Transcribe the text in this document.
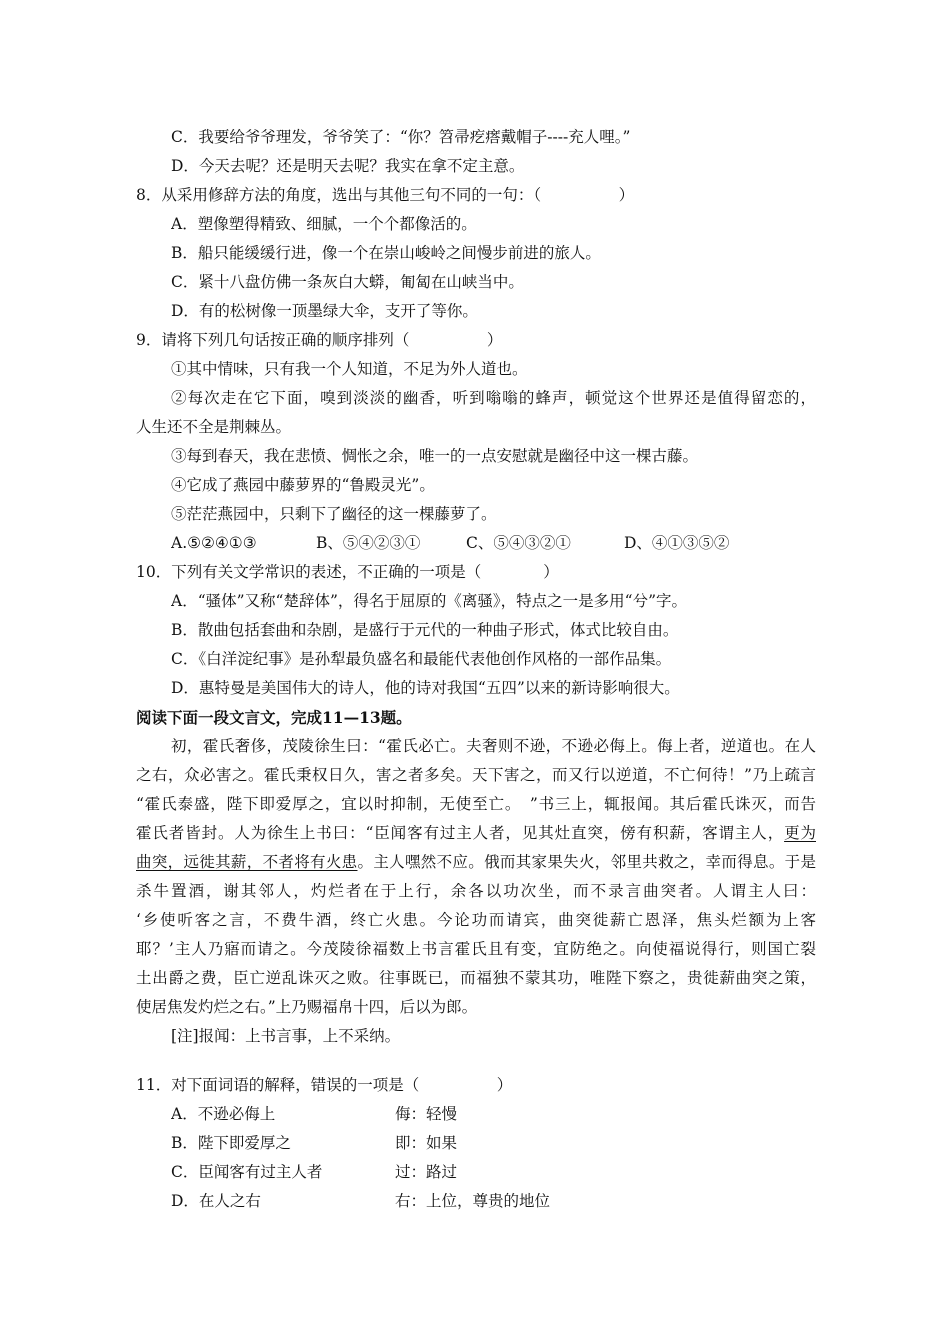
C．我要给爷爷理发，爷爷笑了：“你？笤帚疙瘩戴帽子----充人哩。”
D．今天去呢？还是明天去呢？我实在拿不定主意。
8．从采用修辞方法的角度，选出与其他三句不同的一句：（　　　　　）
A．塑像塑得精致、细腻，一个个都像活的。
B．船只能缓缓行进，像一个在崇山峻岭之间慢步前进的旅人。
C．紧十八盘仿佛一条灰白大蟒，匍匐在山峡当中。
D．有的松树像一顶墨绿大伞，支开了等你。
9．请将下列几句话按正确的顺序排列（　　　　　）
①其中情味，只有我一个人知道，不足为外人道也。
②每次走在它下面，嗅到淡淡的幽香，听到嗡嗡的蜂声，顿觉这个世界还是值得留恋的，
人生还不全是荆棘丛。
③每到春天，我在悲愤、惆怅之余，唯一的一点安慰就是幽径中这一棵古藤。
④它成了燕园中藤萝界的“鲁殿灵光”。
⑤茫茫燕园中，只剩下了幽径的这一棵藤萝了。
A.⑤②④①③	B、⑤④②③①	C、⑤④③②①	D、④①③⑤②
10．下列有关文学常识的表述，不正确的一项是（　　　　）
A．“骚体”又称“楚辞体”，得名于屈原的《离骚》，特点之一是多用“兮”字。
B．散曲包括套曲和杂剧，是盛行于元代的一种曲子形式，体式比较自由。
C．《白洋淀纪事》是孙犁最负盛名和最能代表他创作风格的一部作品集。
D．惠特曼是美国伟大的诗人，他的诗对我国“五四”以来的新诗影响很大。
阅读下面一段文言文，完成11—13题。
初，霍氏奢侈，茂陵徐生曰：“霍氏必亡。夫奢则不逊，不逊必侮上。侮上者，逆道也。在人
之右，众必害之。霍氏秉权日久，害之者多矣。天下害之，而又行以逆道，不亡何待！”乃上疏言
“霍氏泰盛，陛下即爱厚之，宜以时抑制，无使至亡。　”书三上，辄报闻。其后霍氏诛灭，而告
霍氏者皆封。人为徐生上书曰：“臣闻客有过主人者，见其灶直突，傍有积薪，客谓主人，更为
曲突，远徙其薪，不者将有火患。主人嘿然不应。俄而其家果失火，邻里共救之，幸而得息。于是
杀牛置酒，谢其邻人，灼烂者在于上行，余各以功次坐，而不录言曲突者。人谓主人曰：
‘乡使听客之言，不费牛酒，终亡火患。今论功而请宾，曲突徙薪亡恩泽，焦头烂额为上客
耶？’主人乃寤而请之。今茂陵徐福数上书言霍氏且有变，宜防绝之。向使福说得行，则国亡裂
土出爵之费，臣亡逆乱诛灭之败。往事既已，而福独不蒙其功，唯陛下察之，贵徙薪曲突之策，
使居焦发灼烂之右。”上乃赐福帛十四，后以为郎。
[注]报闻：上书言事，上不采纳。
11．对下面词语的解释，错误的一项是（　　　　　）
A．不逊必侮上	侮：轻慢
B．陛下即爱厚之	即：如果
C．臣闻客有过主人者	过：路过
D．在人之右	右：上位，尊贵的地位
